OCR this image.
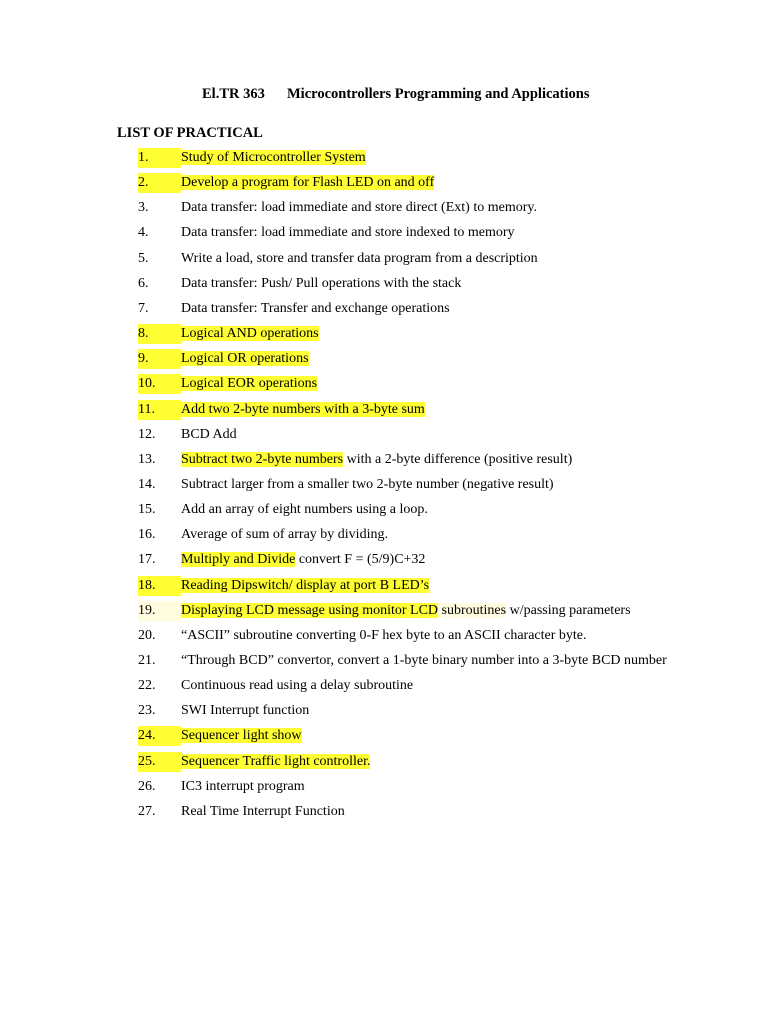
El.TR 363 Microcontrollers Programming and Applications
LIST OF PRACTICAL
1.	Study of Microcontroller System
2.	Develop a program for Flash LED on and off
3.	Data transfer: load immediate and store direct (Ext) to memory.
4.	Data transfer: load immediate and store indexed to memory
5.	Write a load, store and transfer data program from a description
6.	Data transfer: Push/ Pull operations with the stack
7.	Data transfer: Transfer and exchange operations
8.	Logical AND operations
9.	Logical OR operations
10.	Logical EOR operations
11.	Add two 2-byte numbers with a 3-byte sum
12.	BCD Add
13.	Subtract two 2-byte numbers with a 2-byte difference (positive result)
14.	Subtract larger from a smaller two 2-byte number (negative result)
15.	Add an array of eight numbers using a loop.
16.	Average of sum of array by dividing.
17.	Multiply and Divide convert F = (5/9)C+32
18.	Reading Dipswitch/ display at port B LED’s
19.	Displaying LCD message using monitor LCD subroutines w/passing parameters
20.	“ASCII” subroutine converting 0-F hex byte to an ASCII character byte.
21.	“Through BCD” convertor, convert a 1-byte binary number into a 3-byte BCD number
22.	Continuous read using a delay subroutine
23.	SWI Interrupt function
24.	Sequencer light show
25.	Sequencer Traffic light controller.
26.	IC3 interrupt program
27.	Real Time Interrupt Function
